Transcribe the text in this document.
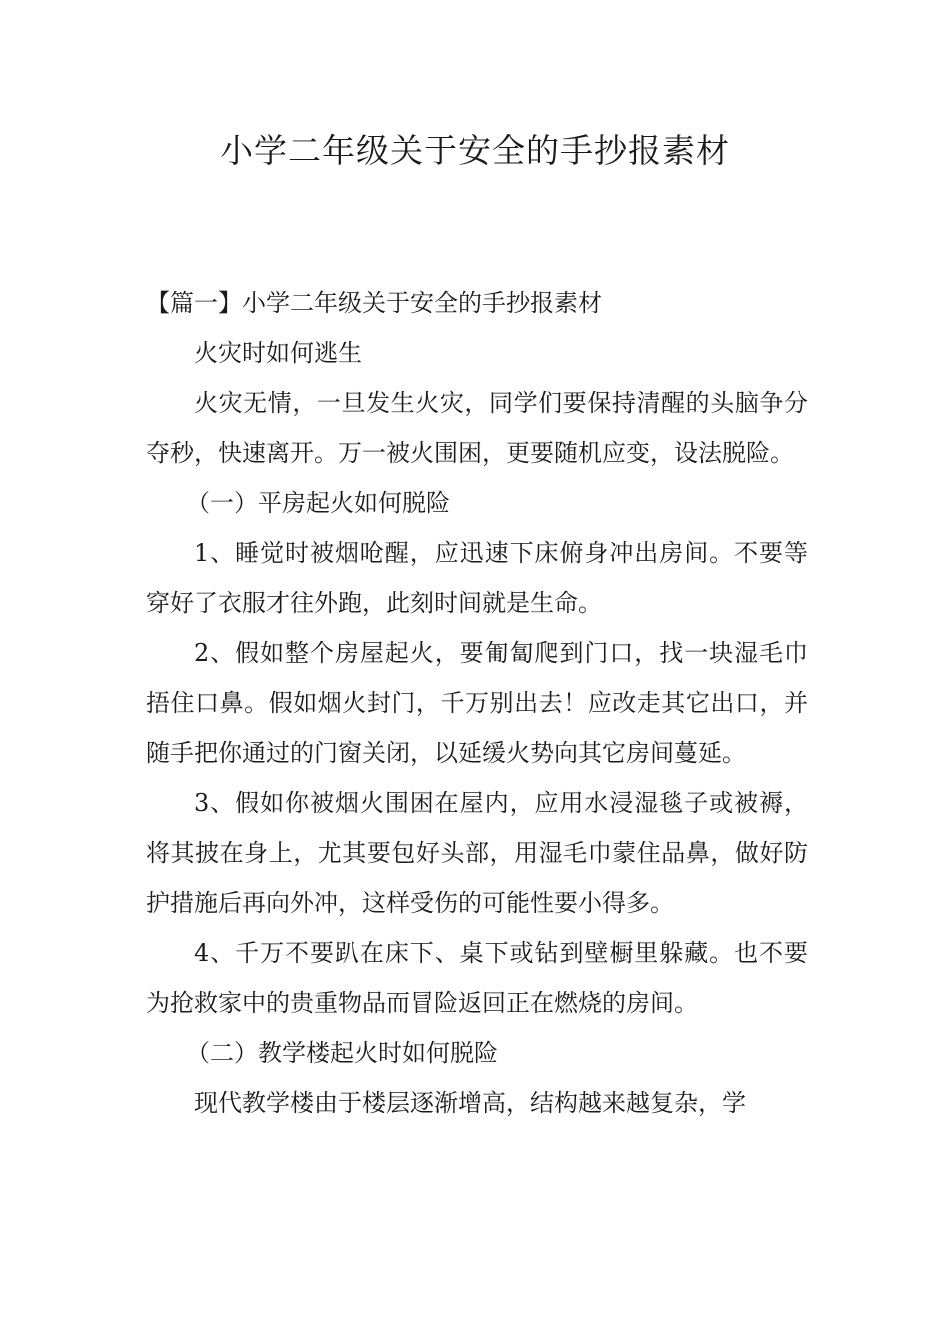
小学二年级关于安全的手抄报素材

【篇一】小学二年级关于安全的手抄报素材

火灾时如何逃生

火灾无情，一旦发生火灾，同学们要保持清醒的头脑争分夺秒，快速离开。万一被火围困，更要随机应变，设法脱险。

（一）平房起火如何脱险

1、睡觉时被烟呛醒，应迅速下床俯身冲出房间。不要等穿好了衣服才往外跑，此刻时间就是生命。

2、假如整个房屋起火，要匍匐爬到门口，找一块湿毛巾捂住口鼻。假如烟火封门，千万别出去！应改走其它出口，并随手把你通过的门窗关闭，以延缓火势向其它房间蔓延。

3、假如你被烟火围困在屋内，应用水浸湿毯子或被褥，将其披在身上，尤其要包好头部，用湿毛巾蒙住品鼻，做好防护措施后再向外冲，这样受伤的可能性要小得多。

4、千万不要趴在床下、桌下或钻到壁橱里躲藏。也不要为抢救家中的贵重物品而冒险返回正在燃烧的房间。

（二）教学楼起火时如何脱险

现代教学楼由于楼层逐渐增高，结构越来越复杂，学
